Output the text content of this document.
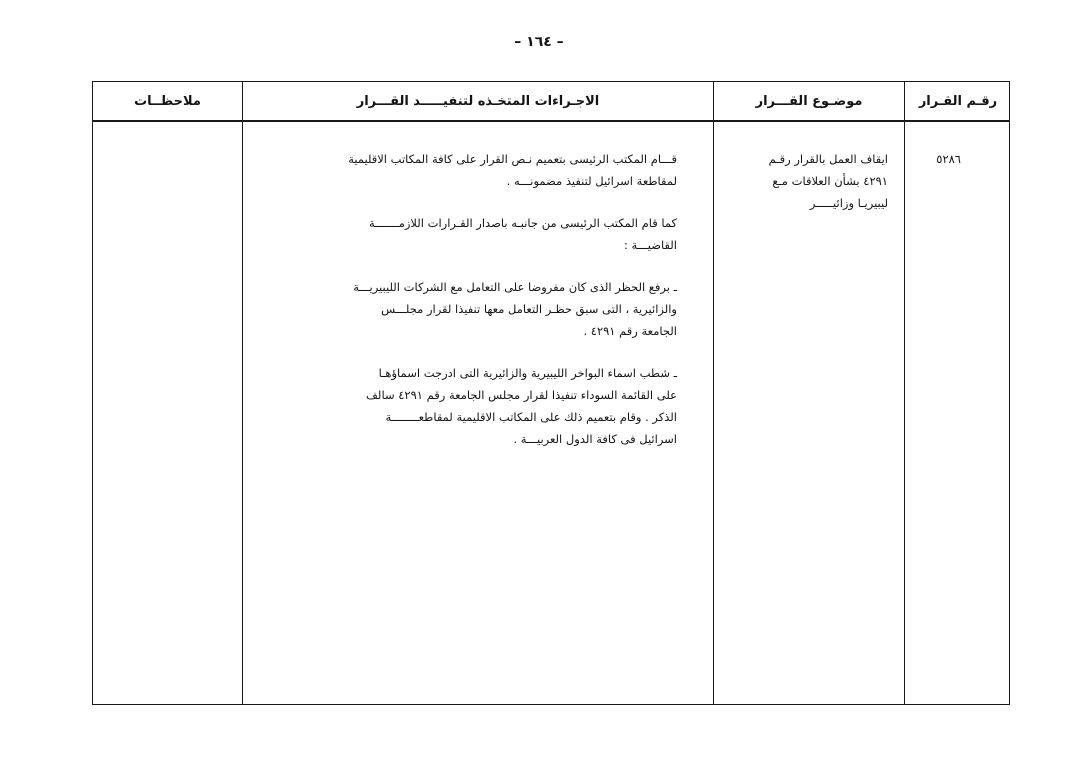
– ١٦٤ –
رقـم القـرار
موضـوع القـــرار
الاجـراءات المتخـذه لتنفيـــــد القـــرار
ملاحظــات
٥٢٨٦
ايقاف العمل بالقرار رقـم
٤٢٩١ بشأن العلاقات مـع
ليبيريـا وزائيـــــر
قـــام المكتب الرئيسى بتعميم نـص القرار على كافة المكاتب الاقليمية
لمقاطعة اسرائيل لتنفيذ مضمونـــه .
كما قام المكتب الرئيسى من جانبـه باصدار القـرارات اللازمـــــــة
القاضيـــة :
ـ برفع الحظر الذى كان مفروضا على التعامل مع الشركات الليبيريـــة
والزائيرية ، التى سبق حظـر التعامل معها تنفيذا لقرار مجلـــس
الجامعة رقم ٤٢٩١ .
ـ شطب اسماء البواخر الليبيرية والزائيرية التى ادرجت اسماؤهـا
على القائمة السوداء تنفيذا لقرار مجلس الجامعة رقم ٤٢٩١ سالف
الذكر . وقام بتعميم ذلك على المكاتب الاقليمية لمقاطعــــــــة
اسرائيل فى كافة الدول العربيـــة .
